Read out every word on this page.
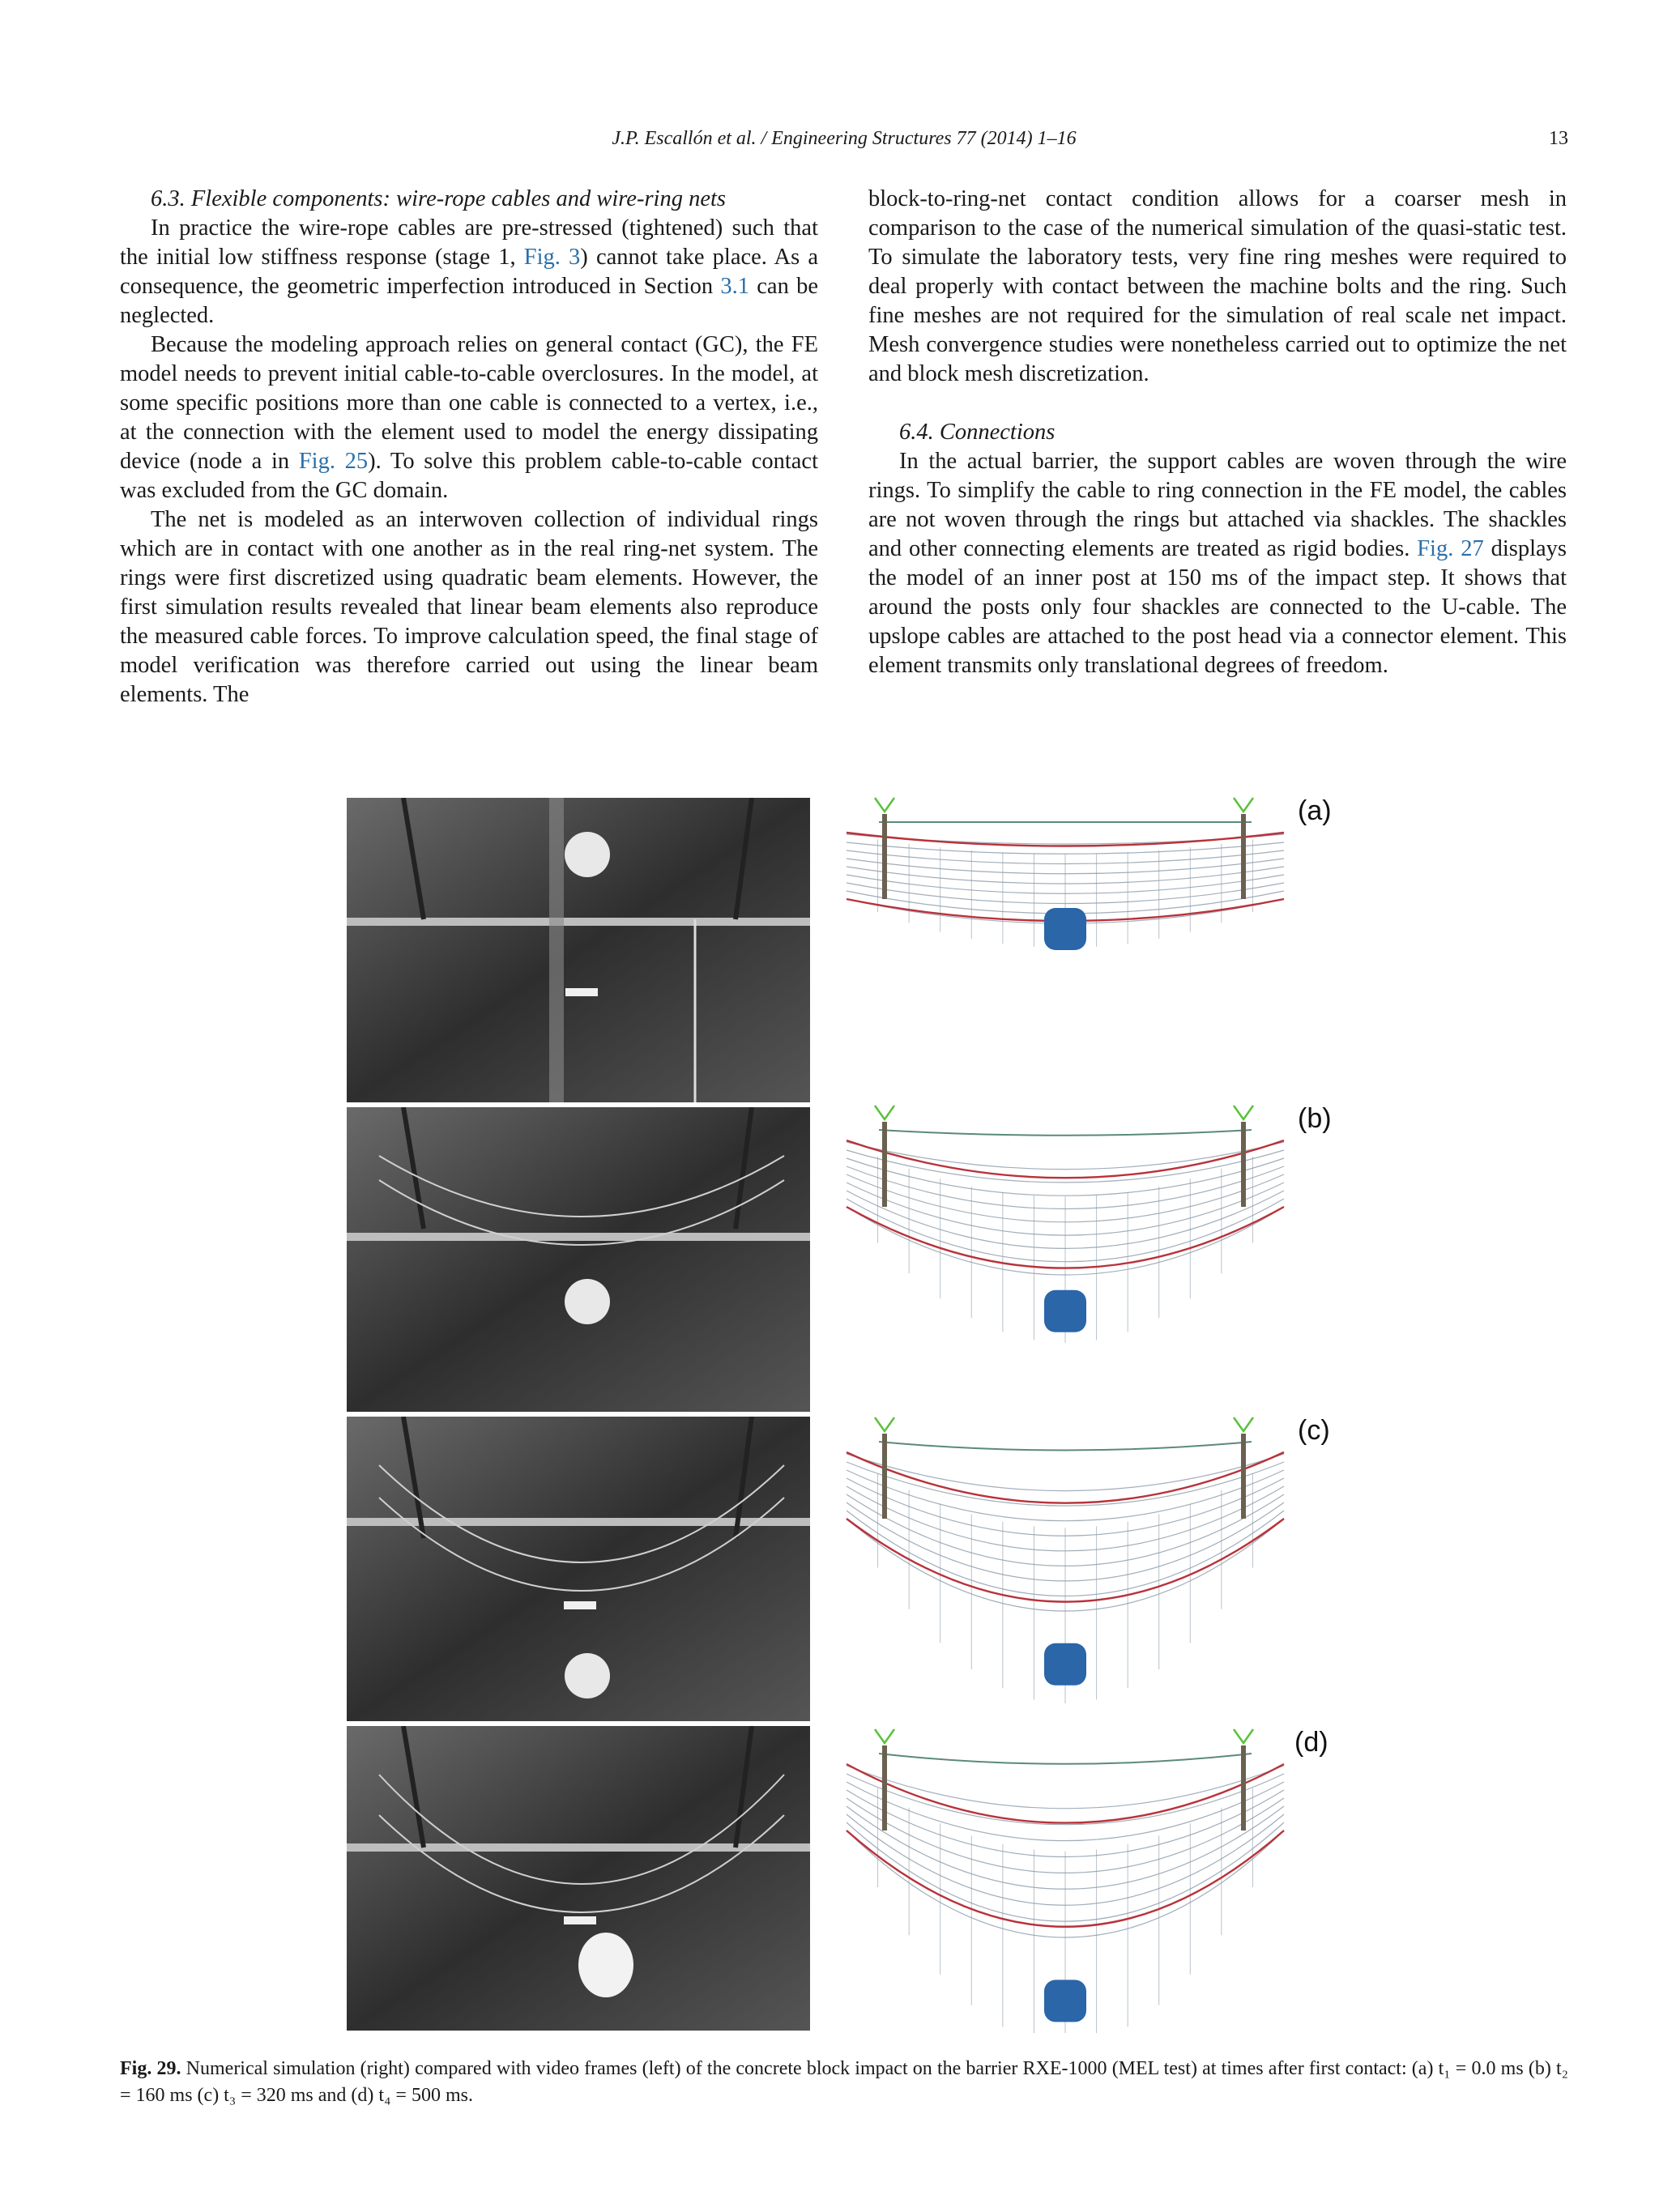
J.P. Escallón et al. / Engineering Structures 77 (2014) 1–16	13

6.3. Flexible components: wire-rope cables and wire-ring nets

In practice the wire-rope cables are pre-stressed (tightened) such that the initial low stiffness response (stage 1, Fig. 3) cannot take place. As a consequence, the geometric imperfection introduced in Section 3.1 can be neglected.

Because the modeling approach relies on general contact (GC), the FE model needs to prevent initial cable-to-cable overclosures. In the model, at some specific positions more than one cable is connected to a vertex, i.e., at the connection with the element used to model the energy dissipating device (node a in Fig. 25). To solve this problem cable-to-cable contact was excluded from the GC domain.

The net is modeled as an interwoven collection of individual rings which are in contact with one another as in the real ring-net system. The rings were first discretized using quadratic beam elements. However, the first simulation results revealed that linear beam elements also reproduce the measured cable forces. To improve calculation speed, the final stage of model verification was therefore carried out using the linear beam elements. The

block-to-ring-net contact condition allows for a coarser mesh in comparison to the case of the numerical simulation of the quasi-static test. To simulate the laboratory tests, very fine ring meshes were required to deal properly with contact between the machine bolts and the ring. Such fine meshes are not required for the simulation of real scale net impact. Mesh convergence studies were nonetheless carried out to optimize the net and block mesh discretization.

6.4. Connections

In the actual barrier, the support cables are woven through the wire rings. To simplify the cable to ring connection in the FE model, the cables are not woven through the rings but attached via shackles. The shackles and other connecting elements are treated as rigid bodies. Fig. 27 displays the model of an inner post at 150 ms of the impact step. It shows that around the posts only four shackles are connected to the U-cable. The upslope cables are attached to the post head via a connector element. This element transmits only translational degrees of freedom.

(a)
(b)
(c)
(d)
Fig. 29. Numerical simulation (right) compared with video frames (left) of the concrete block impact on the barrier RXE-1000 (MEL test) at times after first contact: (a) t₁ = 0.0 ms (b) t₂ = 160 ms (c) t₃ = 320 ms and (d) t₄ = 500 ms.
